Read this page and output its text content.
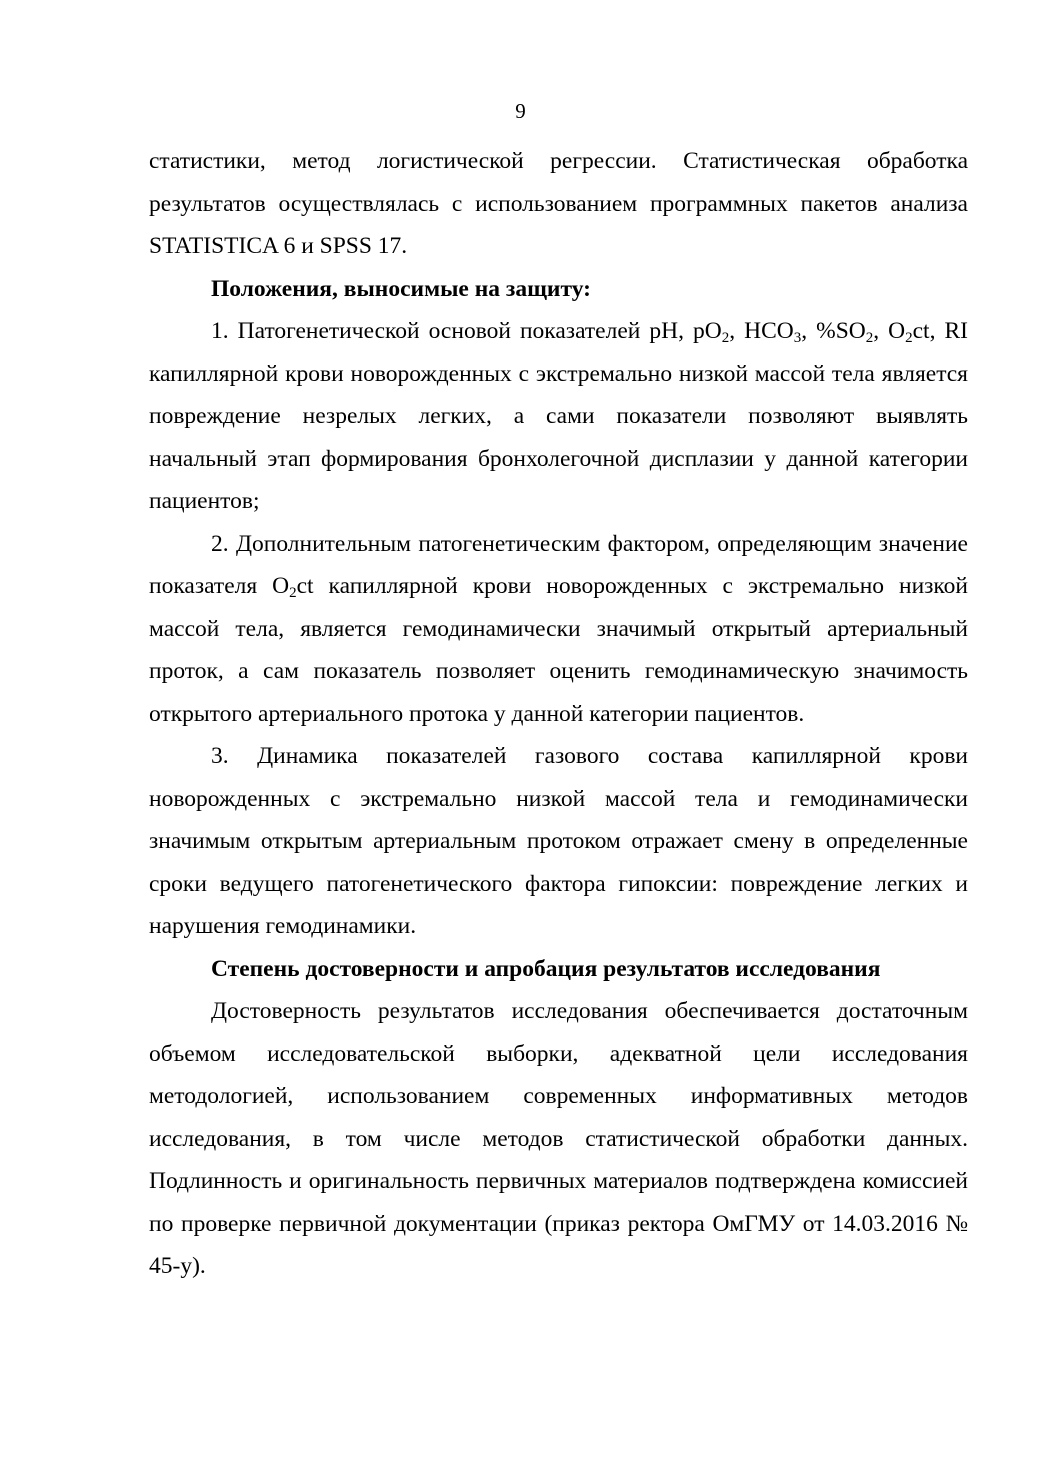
9

статистики, метод логистической регрессии. Статистическая обработка результатов осуществлялась с использованием программных пакетов анализа STATISTICA 6 и SPSS 17.

Положения, выносимые на защиту:

1. Патогенетической основой показателей pH, $pO_2$, $HCO_3$, $\%SO_2$, $O_2ct$, RI капиллярной крови новорожденных с экстремально низкой массой тела является повреждение незрелых легких, а сами показатели позволяют выявлять начальный этап формирования бронхолегочной дисплазии у данной категории пациентов;

2. Дополнительным патогенетическим фактором, определяющим значение показателя $O_2ct$ капиллярной крови новорожденных с экстремально низкой массой тела, является гемодинамически значимый открытый артериальный проток, а сам показатель позволяет оценить гемодинамическую значимость открытого артериального протока у данной категории пациентов.

3. Динамика показателей газового состава капиллярной крови новорожденных с экстремально низкой массой тела и гемодинамически значимым открытым артериальным протоком отражает смену в определенные сроки ведущего патогенетического фактора гипоксии: повреждение легких и нарушения гемодинамики.

Степень достоверности и апробация результатов исследования

Достоверность результатов исследования обеспечивается достаточным объемом исследовательской выборки, адекватной цели исследования методологией, использованием современных информативных методов исследования, в том числе методов статистической обработки данных. Подлинность и оригинальность первичных материалов подтверждена комиссией по проверке первичной документации (приказ ректора ОмГМУ от 14.03.2016 № 45-у).
